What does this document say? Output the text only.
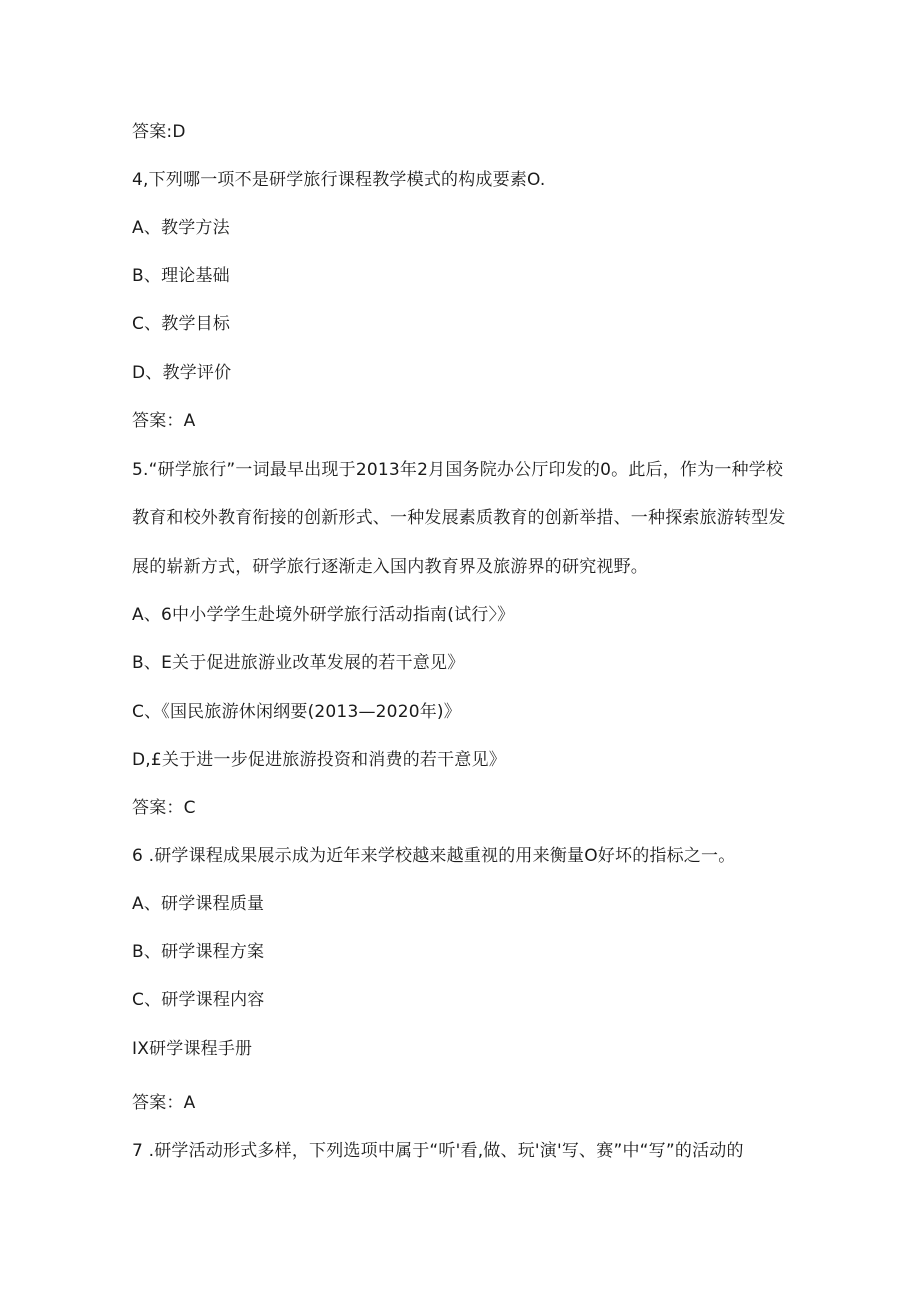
答案:D
4,下列哪一项不是研学旅行课程教学模式的构成要素O.
A、教学方法
B、理论基础
C、教学目标
D、教学评价
答案：A
5.“研学旅行”一词最早出现于2013年2月国务院办公厅印发的0。此后，作为一种学校
教育和校外教育衔接的创新形式、一种发展素质教育的创新举措、一种探索旅游转型发
展的崭新方式，研学旅行逐渐走入国内教育界及旅游界的研究视野。
A、6中小学学生赴境外研学旅行活动指南(试行〉》
B、E关于促进旅游业改革发展的若干意见》
C、《国民旅游休闲纲要(2013—2020年)》
D,£关于进一步促进旅游投资和消费的若干意见》
答案：C
6 .研学课程成果展示成为近年来学校越来越重视的用来衡量O好坏的指标之一。
A、研学课程质量
B、研学课程方案
C、研学课程内容
IX研学课程手册
答案：A
7 .研学活动形式多样，下列选项中属于“听'看,做、玩'演'写、赛”中“写”的活动的
